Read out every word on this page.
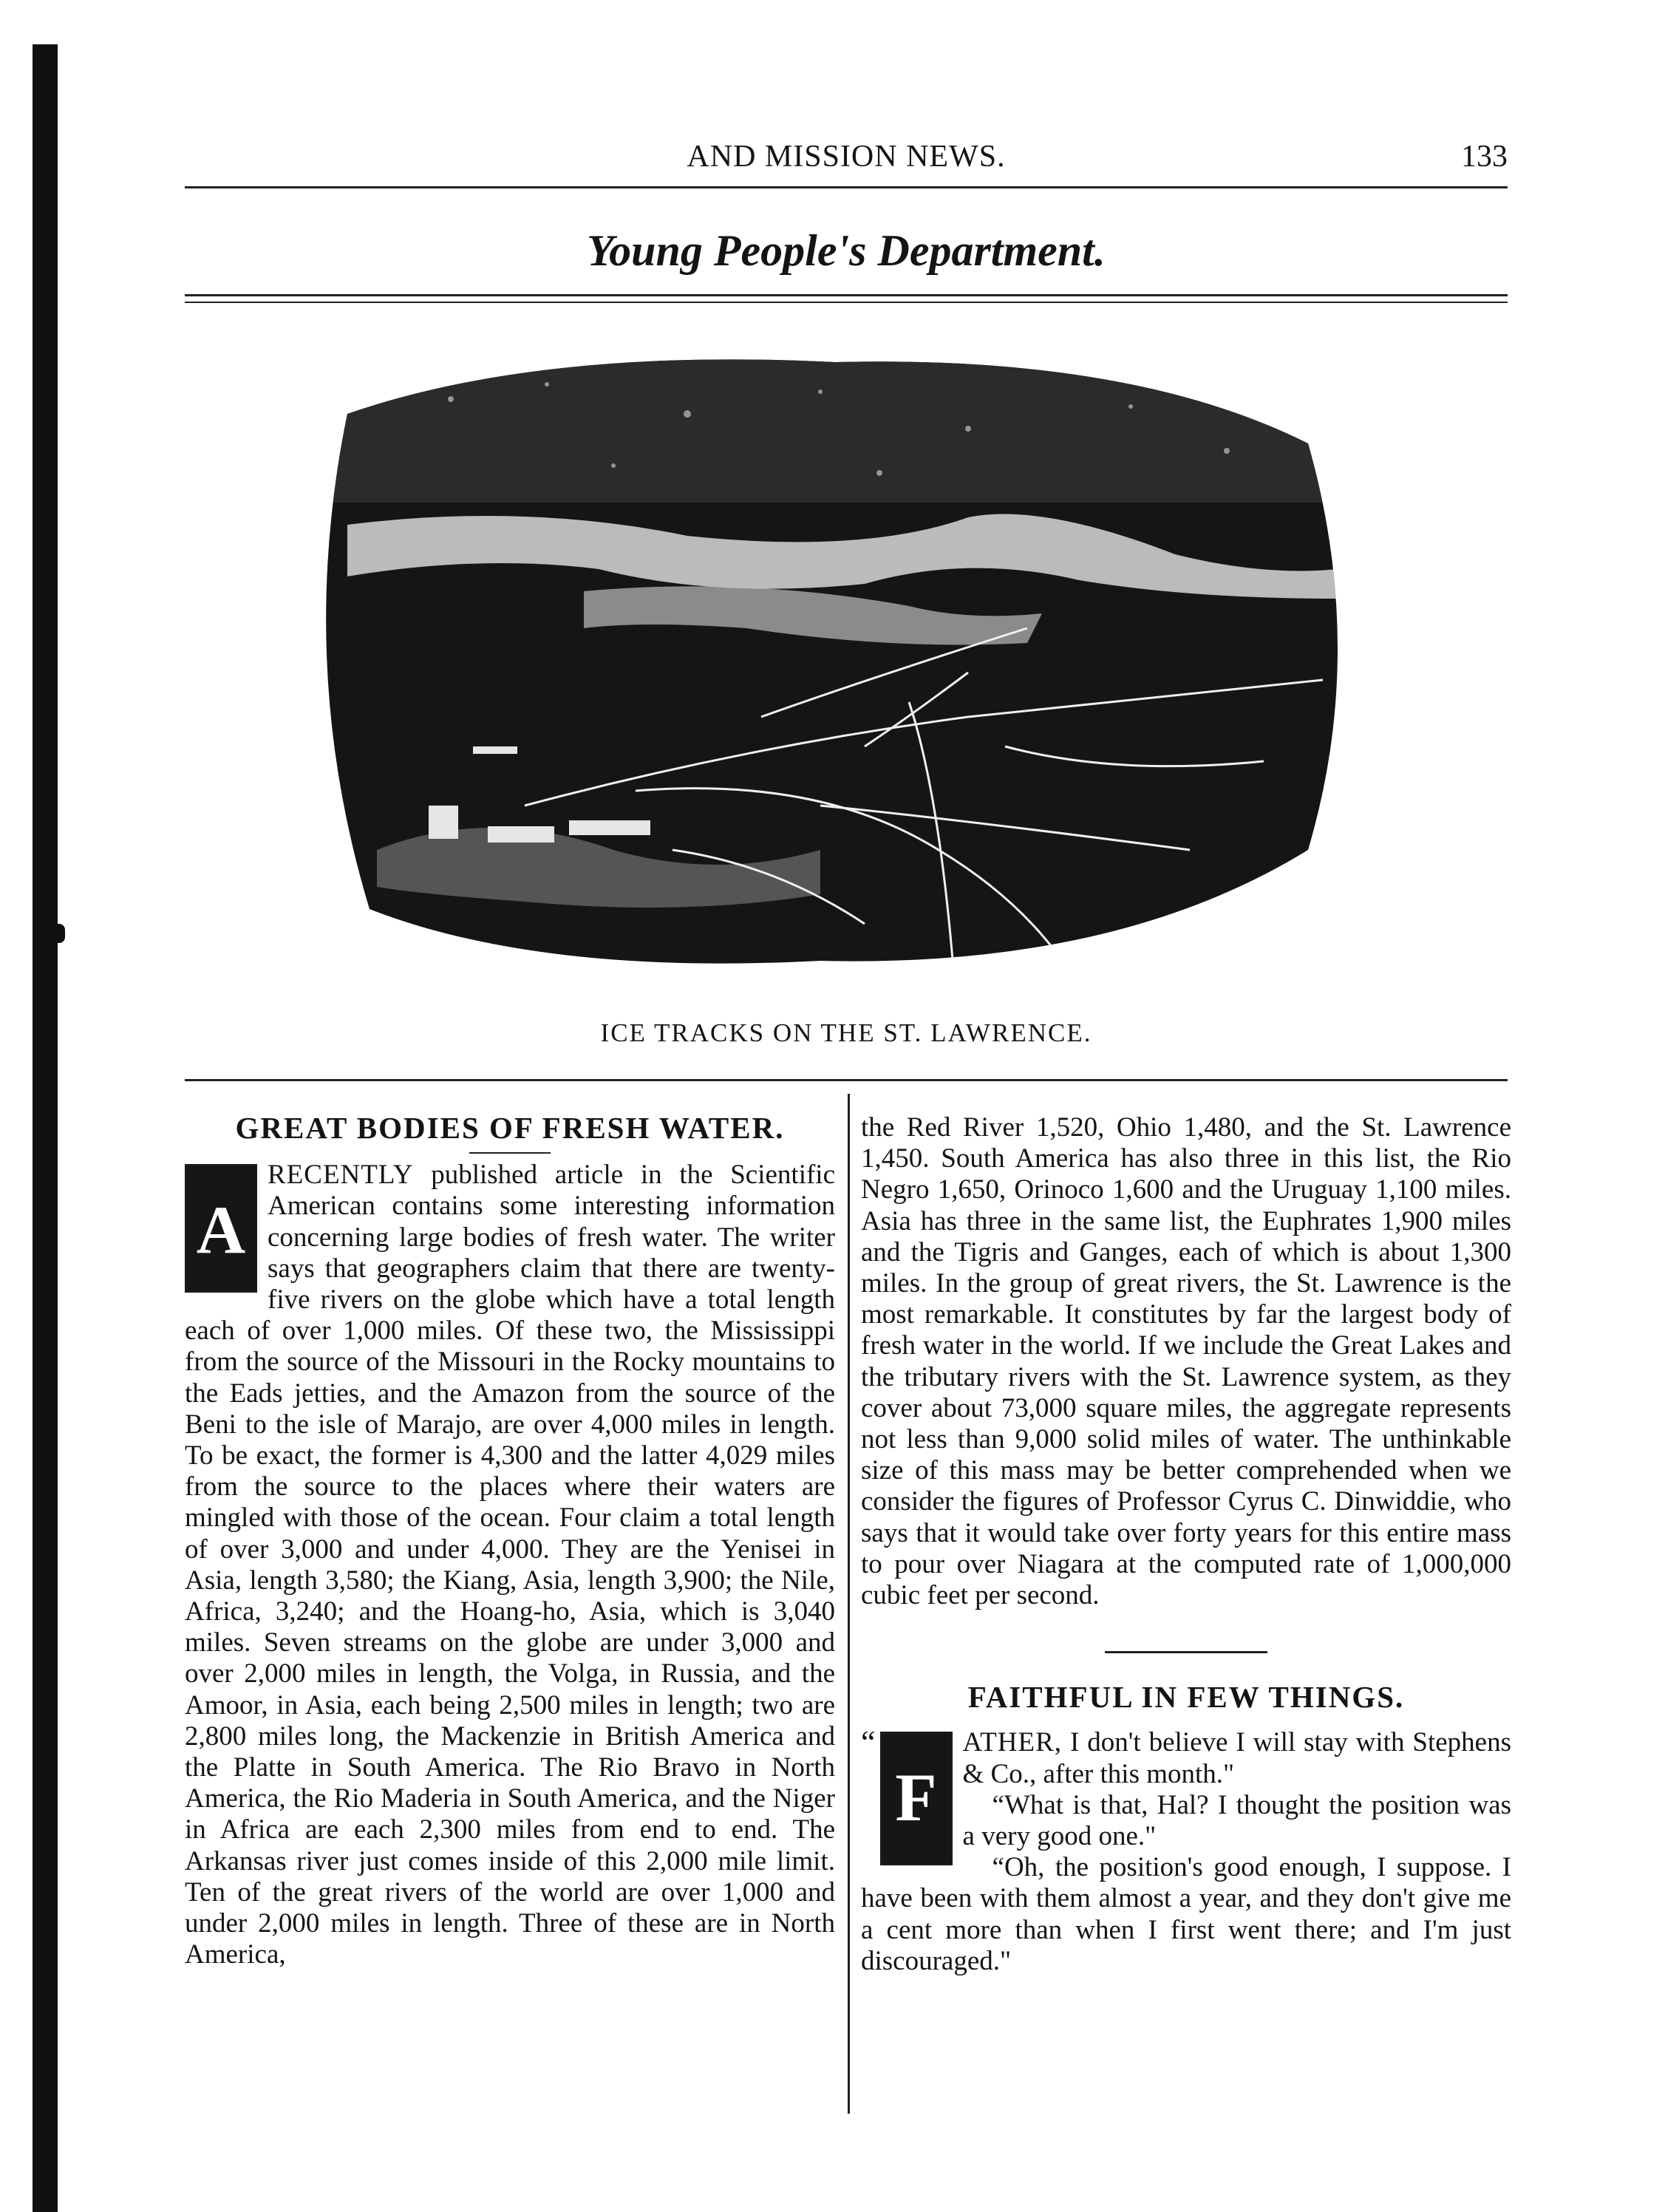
AND MISSION NEWS.	133
Young People's Department.
ICE TRACKS ON THE ST. LAWRENCE.
GREAT BODIES OF FRESH WATER.

A
RECENTLY published article in the Scientific American contains some interesting information concerning large bodies of fresh water. The writer says that geographers claim that there are twenty-five rivers on the globe which have a total length each of over 1,000 miles. Of these two, the Mississippi from the source of the Missouri in the Rocky mountains to the Eads jetties, and the Amazon from the source of the Beni to the isle of Marajo, are over 4,000 miles in length. To be exact, the former is 4,300 and the latter 4,029 miles from the source to the places where their waters are mingled with those of the ocean. Four claim a total length of over 3,000 and under 4,000. They are the Yenisei in Asia, length 3,580; the Kiang, Asia, length 3,900; the Nile, Africa, 3,240; and the Hoang-ho, Asia, which is 3,040 miles. Seven streams on the globe are under 3,000 and over 2,000 miles in length, the Volga, in Russia, and the Amoor, in Asia, each being 2,500 miles in length; two are 2,800 miles long, the Mackenzie in British America and the Platte in South America. The Rio Bravo in North America, the Rio Maderia in South America, and the Niger in Africa are each 2,300 miles from end to end. The Arkansas river just comes inside of this 2,000 mile limit. Ten of the great rivers of the world are over 1,000 and under 2,000 miles in length. Three of these are in North America,

the Red River 1,520, Ohio 1,480, and the St. Lawrence 1,450. South America has also three in this list, the Rio Negro 1,650, Orinoco 1,600 and the Uruguay 1,100 miles. Asia has three in the same list, the Euphrates 1,900 miles and the Tigris and Ganges, each of which is about 1,300 miles. In the group of great rivers, the St. Lawrence is the most remarkable. It constitutes by far the largest body of fresh water in the world. If we include the Great Lakes and the tributary rivers with the St. Lawrence system, as they cover about 73,000 square miles, the aggregate represents not less than 9,000 solid miles of water. The unthinkable size of this mass may be better comprehended when we consider the figures of Professor Cyrus C. Dinwiddie, who says that it would take over forty years for this entire mass to pour over Niagara at the computed rate of 1,000,000 cubic feet per second.

FAITHFUL IN FEW THINGS.

“
F
ATHER, I don't believe I will stay with Stephens & Co., after this month."

“What is that, Hal? I thought the position was a very good one."

“Oh, the position's good enough, I suppose. I have been with them almost a year, and they don't give me a cent more than when I first went there; and I'm just discouraged."
